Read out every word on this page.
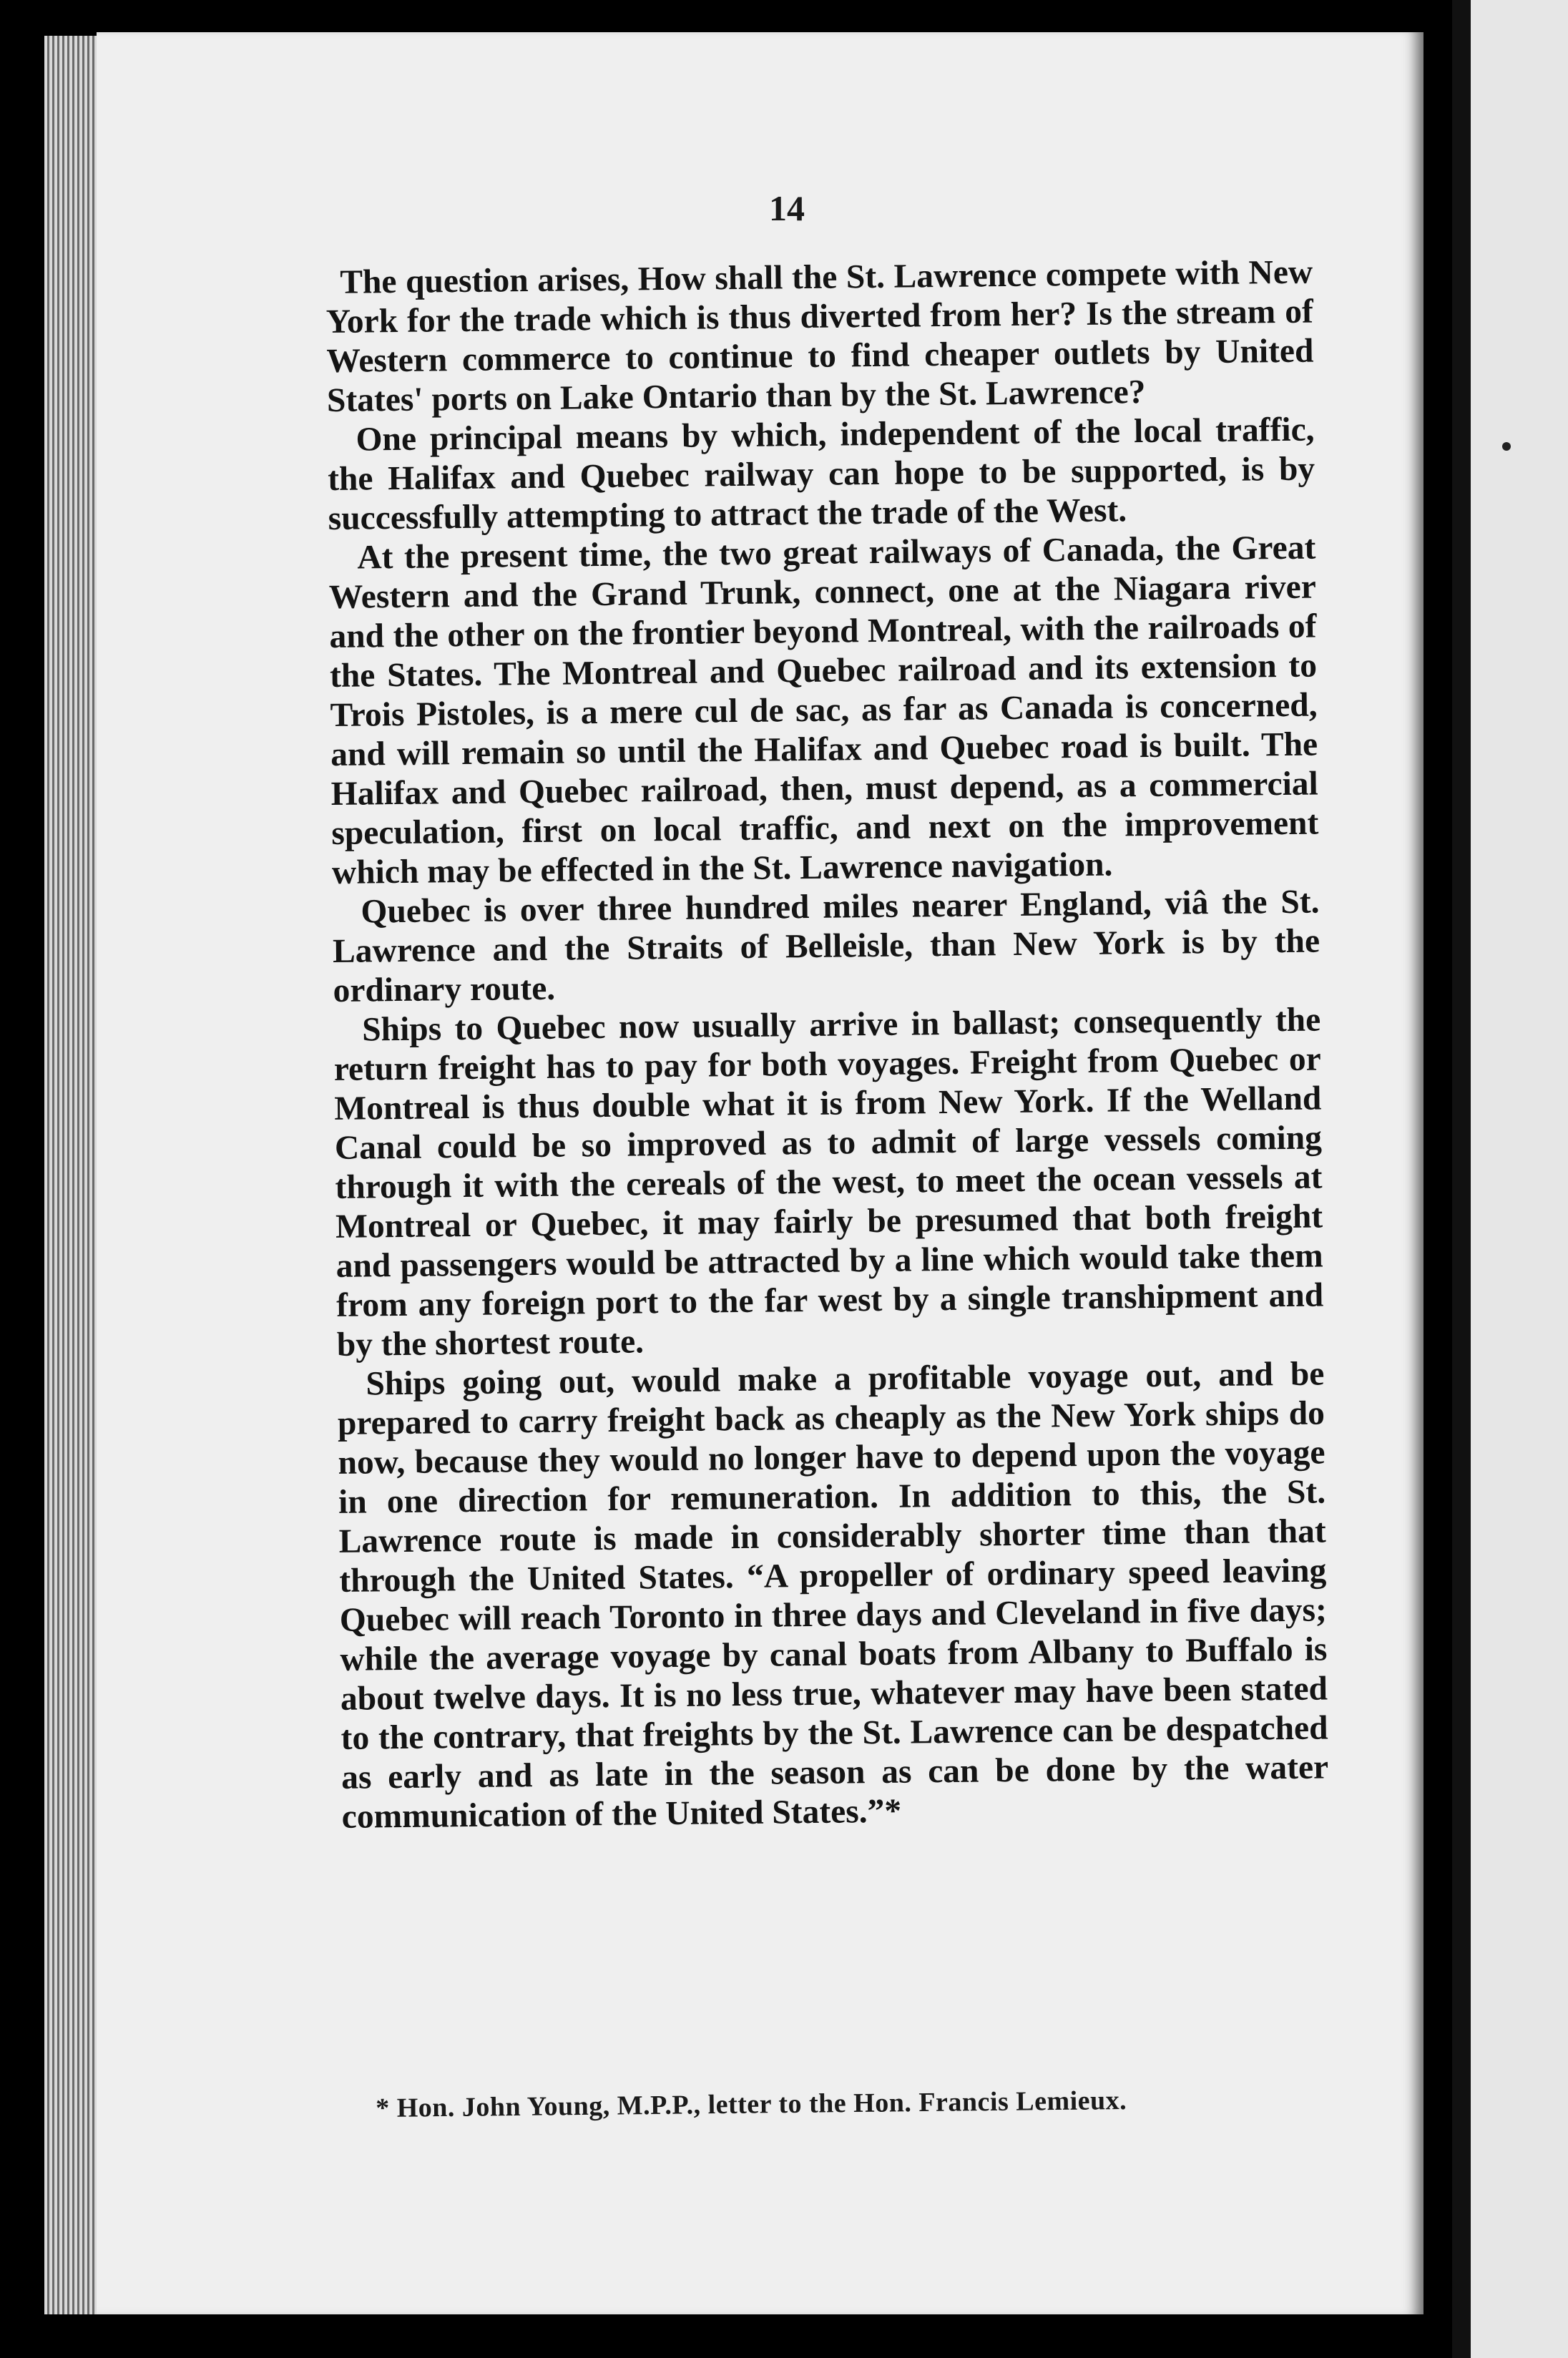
14

The question arises, How shall the St. Lawrence compete with New York for the trade which is thus diverted from her? Is the stream of Western commerce to continue to find cheaper outlets by United States' ports on Lake Ontario than by the St. Lawrence?

One principal means by which, independent of the local traffic, the Halifax and Quebec railway can hope to be supported, is by successfully attempting to attract the trade of the West.

At the present time, the two great railways of Canada, the Great Western and the Grand Trunk, connect, one at the Niagara river and the other on the frontier beyond Montreal, with the railroads of the States. The Montreal and Quebec railroad and its extension to Trois Pistoles, is a mere cul de sac, as far as Canada is concerned, and will remain so until the Halifax and Quebec road is built. The Halifax and Quebec railroad, then, must depend, as a commercial speculation, first on local traffic, and next on the improvement which may be effected in the St. Lawrence navigation.

Quebec is over three hundred miles nearer England, viâ the St. Lawrence and the Straits of Belleisle, than New York is by the ordinary route.

Ships to Quebec now usually arrive in ballast; consequently the return freight has to pay for both voyages. Freight from Quebec or Montreal is thus double what it is from New York. If the Welland Canal could be so improved as to admit of large vessels coming through it with the cereals of the west, to meet the ocean vessels at Montreal or Quebec, it may fairly be presumed that both freight and passengers would be attracted by a line which would take them from any foreign port to the far west by a single transhipment and by the shortest route.

Ships going out, would make a profitable voyage out, and be prepared to carry freight back as cheaply as the New York ships do now, because they would no longer have to depend upon the voyage in one direction for remuneration. In addition to this, the St. Lawrence route is made in considerably shorter time than that through the United States. “A propeller of ordinary speed leaving Quebec will reach Toronto in three days and Cleveland in five days; while the average voyage by canal boats from Albany to Buffalo is about twelve days. It is no less true, whatever may have been stated to the contrary, that freights by the St. Lawrence can be despatched as early and as late in the season as can be done by the water communication of the United States.”*

* Hon. John Young, M.P.P., letter to the Hon. Francis Lemieux.
